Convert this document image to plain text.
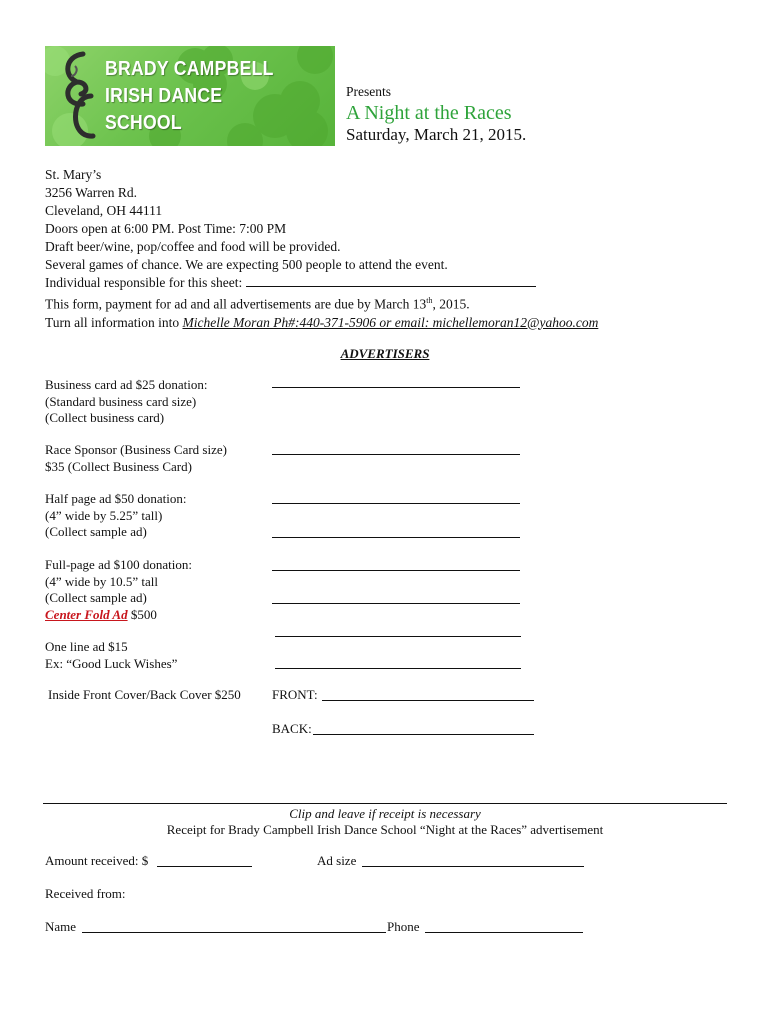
BRADY CAMPBELL
IRISH DANCE
SCHOOL
Presents
A Night at the Races
Saturday, March 21, 2015.
St. Mary’s
3256 Warren Rd.
Cleveland, OH 44111
Doors open at 6:00 PM. Post Time: 7:00 PM
Draft beer/wine, pop/coffee and food will be provided.
Several games of chance. We are expecting 500 people to attend the event.
Individual responsible for this sheet:
This form, payment for ad and all advertisements are due by March 13th, 2015.
Turn all information into Michelle Moran Ph#:440-371-5906 or email: michellemoran12@yahoo.com
ADVERTISERS
Business card ad $25 donation:
(Standard business card size)
(Collect business card)
Race Sponsor (Business Card size)
$35 (Collect Business Card)
Half page ad $50 donation:
(4” wide by 5.25” tall)
(Collect sample ad)
Full-page ad $100 donation:
(4” wide by 10.5” tall
(Collect sample ad)
Center Fold Ad $500
One line ad $15
Ex: “Good Luck Wishes”
Inside Front Cover/Back Cover $250 FRONT:
BACK:
Clip and leave if receipt is necessary
Receipt for Brady Campbell Irish Dance School “Night at the Races” advertisement
Amount received: $	Ad size
Received from:
Name	Phone
